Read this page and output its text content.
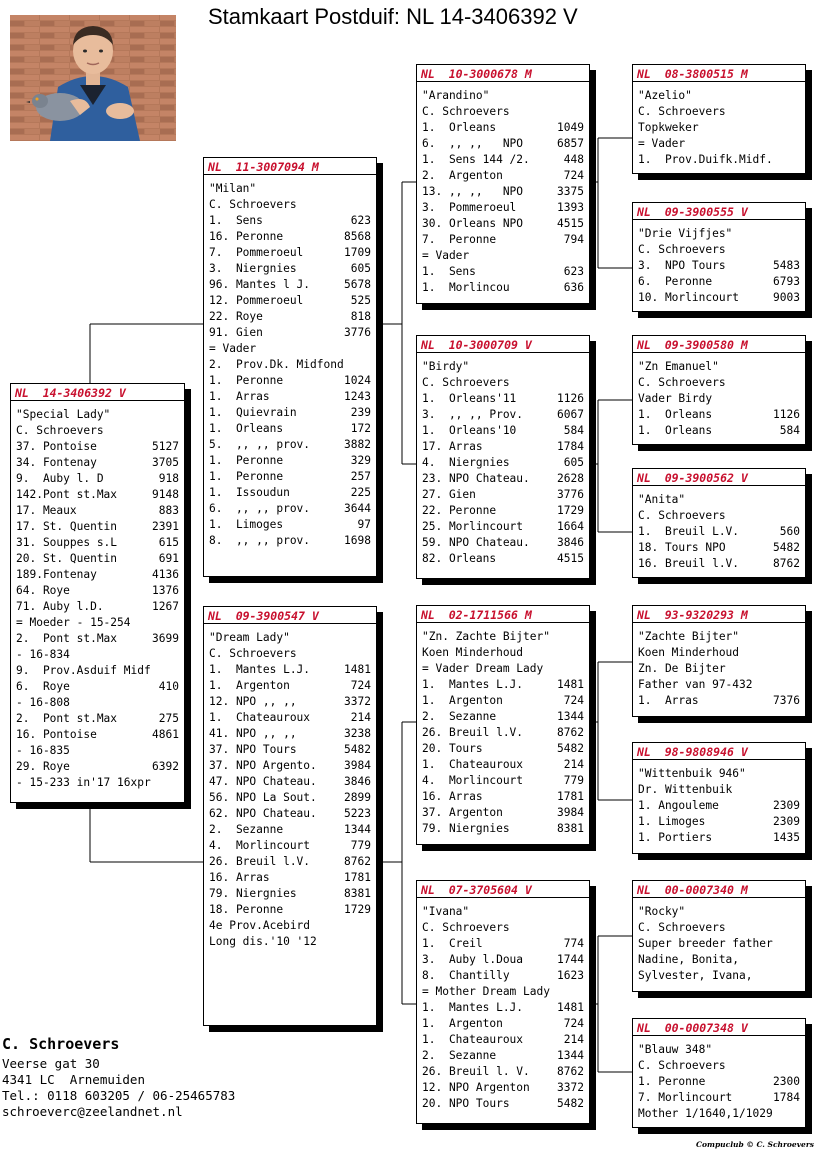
Stamkaart Postduif: NL 14-3406392 V
NL  14-3406392 V
"Special Lady"
C. Schroevers
37. Pontoise	5127
34. Fontenay	3705
9.  Auby l. D	918
142.Pont st.Max	9148
17. Meaux	883
17. St. Quentin	2391
31. Souppes s.L	615
20. St. Quentin	691
189.Fontenay	4136
64. Roye	1376
71. Auby l.D.	1267
= Moeder - 15-254
2.  Pont st.Max	3699
- 16-834
9.  Prov.Asduif Midf
6.  Roye	410
- 16-808
2.  Pont st.Max	275
16. Pontoise	4861
- 16-835
29. Roye	6392
- 15-233 in'17 16xpr
NL  11-3007094 M
"Milan"
C. Schroevers
1.  Sens	623
16. Peronne	8568
7.  Pommeroeul	1709
3.  Niergnies	605
96. Mantes l J.	5678
12. Pommeroeul	525
22. Roye	818
91. Gien	3776
= Vader
2.  Prov.Dk. Midfond
1.  Peronne	1024
1.  Arras	1243
1.  Quievrain	239
1.  Orleans	172
5.  ,, ,, prov.	3882
1.  Peronne	329
1.  Peronne	257
1.  Issoudun	225
6.  ,, ,, prov.	3644
1.  Limoges	97
8.  ,, ,, prov.	1698
NL  09-3900547 V
"Dream Lady"
C. Schroevers
1.  Mantes L.J.	1481
1.  Argenton	724
12. NPO ,, ,,	3372
1.  Chateauroux	214
41. NPO ,, ,,	3238
37. NPO Tours	5482
37. NPO Argento.	3984
47. NPO Chateau.	3846
56. NPO La Sout.	2899
62. NPO Chateau.	5223
2.  Sezanne	1344
4.  Morlincourt	779
26. Breuil l.V.	8762
16. Arras	1781
79. Niergnies	8381
18. Peronne	1729
4e Prov.Acebird
Long dis.'10 '12
NL  10-3000678 M
"Arandino"
C. Schroevers
1.  Orleans	1049
6.  ,, ,,   NPO	6857
1.  Sens 144 /2.	448
2.  Argenton	724
13. ,, ,,   NPO	3375
3.  Pommeroeul	1393
30. Orleans NPO	4515
7.  Peronne	794
= Vader
1.  Sens	623
1.  Morlincou	636
NL  10-3000709 V
"Birdy"
C. Schroevers
1.  Orleans'11	1126
3.  ,, ,, Prov.	6067
1.  Orleans'10	584
17. Arras	1784
4.  Niergnies	605
23. NPO Chateau.	2628
27. Gien	3776
22. Peronne	1729
25. Morlincourt	1664
59. NPO Chateau.	3846
82. Orleans	4515
NL  02-1711566 M
"Zn. Zachte Bijter"
Koen Minderhoud
= Vader Dream Lady
1.  Mantes L.J.	1481
1.  Argenton	724
2.  Sezanne	1344
26. Breuil l.V.	8762
20. Tours	5482
1.  Chateauroux	214
4.  Morlincourt	779
16. Arras	1781
37. Argenton	3984
79. Niergnies	8381
NL  07-3705604 V
"Ivana"
C. Schroevers
1.  Creil	774
3.  Auby l.Doua	1744
8.  Chantilly	1623
= Mother Dream Lady
1.  Mantes L.J.	1481
1.  Argenton	724
1.  Chateauroux	214
2.  Sezanne	1344
26. Breuil l. V.	8762
12. NPO Argenton	3372
20. NPO Tours	5482
NL  08-3800515 M
"Azelio"
C. Schroevers
Topkweker
= Vader
1.  Prov.Duifk.Midf.
NL  09-3900555 V
"Drie Vijfjes"
C. Schroevers
3.  NPO Tours	5483
6.  Peronne	6793
10. Morlincourt	9003
NL  09-3900580 M
"Zn Emanuel"
C. Schroevers
Vader Birdy
1.  Orleans	1126
1.  Orleans	584
NL  09-3900562 V
"Anita"
C. Schroevers
1.  Breuil L.V.	560
18. Tours NPO	5482
16. Breuil l.V.	8762
NL  93-9320293 M
"Zachte Bijter"
Koen Minderhoud
Zn. De Bijter
Father van 97-432
1.  Arras	7376
NL  98-9808946 V
"Wittenbuik 946"
Dr. Wittenbuik
1. Angouleme	2309
1. Limoges	2309
1. Portiers	1435
NL  00-0007340 M
"Rocky"
C. Schroevers
Super breeder father
Nadine, Bonita,
Sylvester, Ivana,
NL  00-0007348 V
"Blauw 348"
C. Schroevers
1. Peronne	2300
7. Morlincourt	1784
Mother 1/1640,1/1029
C. Schroevers
Veerse gat 30
4341 LC  Arnemuiden
Tel.: 0118 603205 / 06-25465783
schroeverc@zeelandnet.nl
Compuclub © C. Schroevers
